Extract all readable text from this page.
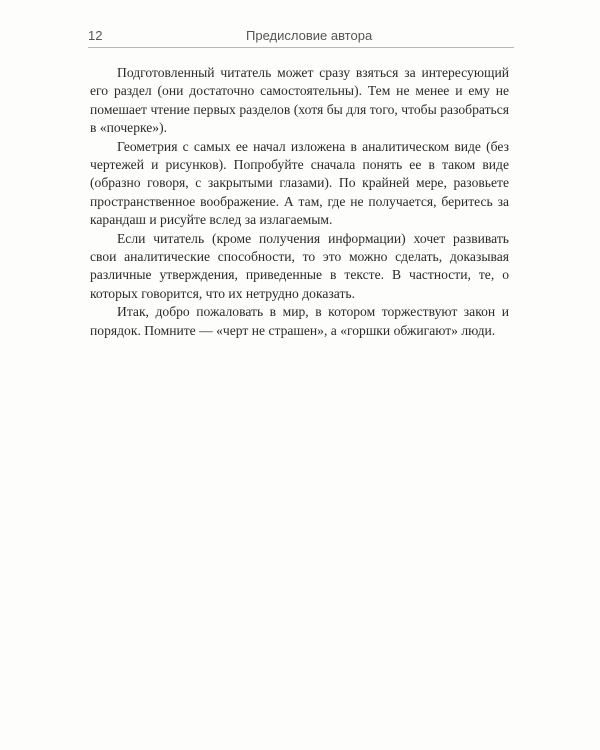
12	Предисловие автора

Подготовленный читатель может сразу взяться за интересующий его раздел (они достаточно самостоятельны). Тем не менее и ему не помешает чтение первых разделов (хотя бы для того, чтобы разобраться в «почерке»).

Геометрия с самых ее начал изложена в аналитическом виде (без чертежей и рисунков). Попробуйте сначала понять ее в таком виде (образно говоря, с закрытыми глазами). По крайней мере, разовьете пространственное воображение. А там, где не получается, беритесь за карандаш и рисуйте вслед за излагаемым.

Если читатель (кроме получения информации) хочет развивать свои аналитические способности, то это можно сделать, доказывая различные утверждения, приведенные в тексте. В частности, те, о которых говорится, что их нетрудно доказать.

Итак, добро пожаловать в мир, в котором торжествуют закон и порядок. Помните — «черт не страшен», а «горшки обжигают» люди.
